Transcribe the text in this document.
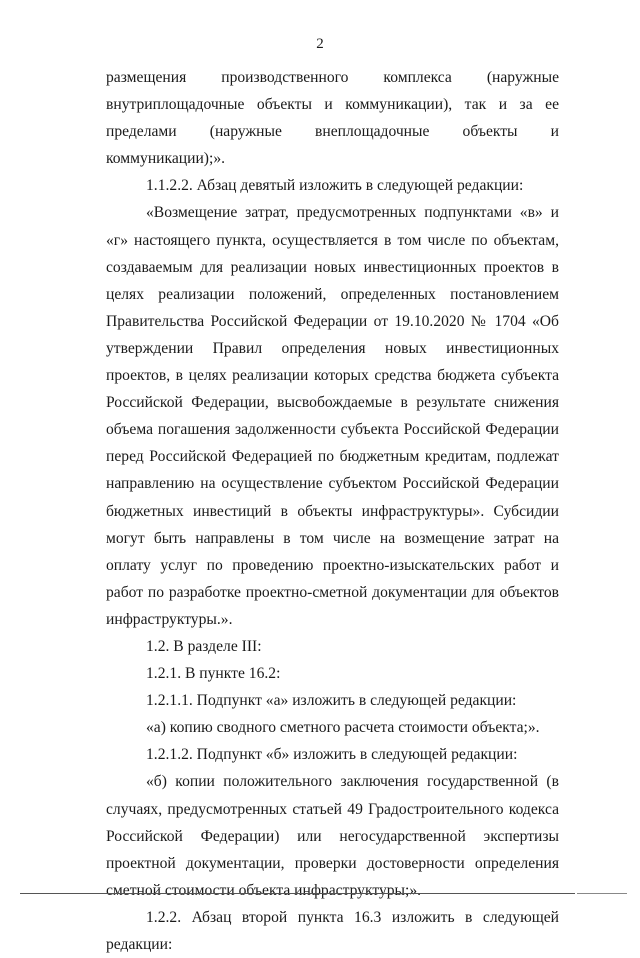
2

размещения производственного комплекса (наружные внутриплощадочные объекты и коммуникации), так и за ее пределами (наружные внеплощадочные объекты и коммуникации);».

1.1.2.2. Абзац девятый изложить в следующей редакции:

«Возмещение затрат, предусмотренных подпунктами «в» и «г» настоящего пункта, осуществляется в том числе по объектам, создаваемым для реализации новых инвестиционных проектов в целях реализации положений, определенных постановлением Правительства Российской Федерации от 19.10.2020 № 1704 «Об утверждении Правил определения новых инвестиционных проектов, в целях реализации которых средства бюджета субъекта Российской Федерации, высвобождаемые в результате снижения объема погашения задолженности субъекта Российской Федерации перед Российской Федерацией по бюджетным кредитам, подлежат направлению на осуществление субъектом Российской Федерации бюджетных инвестиций в объекты инфраструктуры». Субсидии могут быть направлены в том числе на возмещение затрат на оплату услуг по проведению проектно-изыскательских работ и работ по разработке проектно-сметной документации для объектов инфраструктуры.».

1.2. В разделе III:

1.2.1. В пункте 16.2:

1.2.1.1. Подпункт «а» изложить в следующей редакции:

«а) копию сводного сметного расчета стоимости объекта;».

1.2.1.2. Подпункт «б» изложить в следующей редакции:

«б) копии положительного заключения государственной (в случаях, предусмотренных статьей 49 Градостроительного кодекса Российской Федерации) или негосударственной экспертизы проектной документации, проверки достоверности определения сметной стоимости объекта инфраструктуры;».

1.2.2. Абзац второй пункта 16.3 изложить в следующей редакции:
